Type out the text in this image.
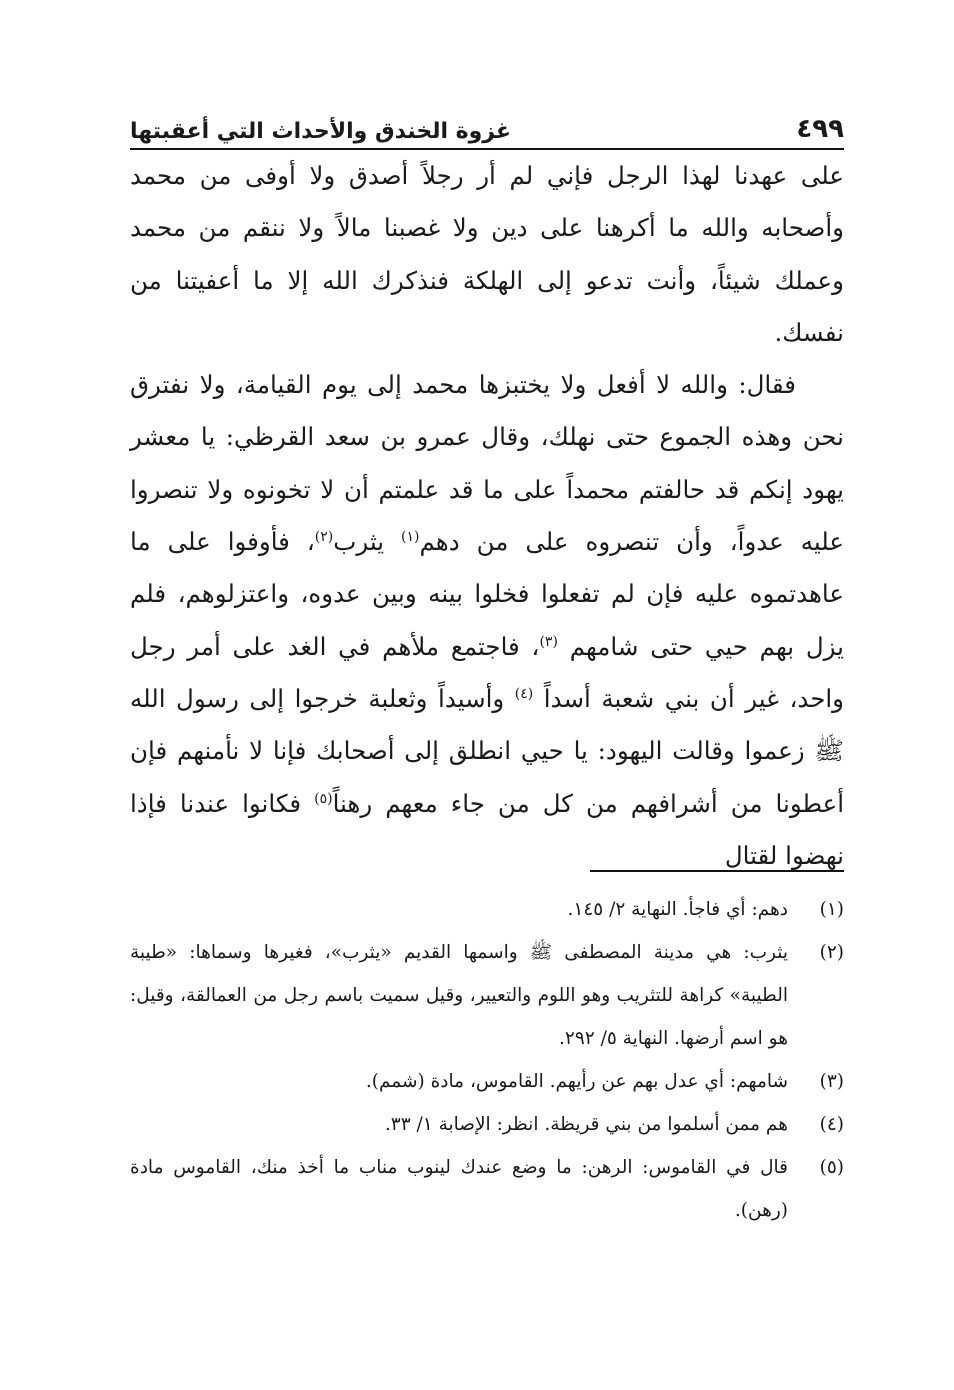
٤٩٩
غزوة الخندق والأحداث التي أعقبتها

على عهدنا لهذا الرجل فإني لم أر رجلاً أصدق ولا أوفى من محمد وأصحابه والله ما أكرهنا على دين ولا غصبنا مالاً ولا ننقم من محمد وعملك شيئاً، وأنت تدعو إلى الهلكة فنذكرك الله إلا ما أعفيتنا من نفسك.

فقال: والله لا أفعل ولا يختبزها محمد إلى يوم القيامة، ولا نفترق نحن وهذه الجموع حتى نهلك، وقال عمرو بن سعد القرظي: يا معشر يهود إنكم قد حالفتم محمداً على ما قد علمتم أن لا تخونوه ولا تنصروا عليه عدواً، وأن تنصروه على من دهم$^{(١)}$ يثرب$^{(٢)}$، فأوفوا على ما عاهدتموه عليه فإن لم تفعلوا فخلوا بينه وبين عدوه، واعتزلوهم، فلم يزل بهم حيي حتى شامهم $^{(٣)}$، فاجتمع ملأهم في الغد على أمر رجل واحد، غير أن بني شعبة أسداً $^{(٤)}$ وأسيداً وثعلبة خرجوا إلى رسول الله ﷺ زعموا وقالت اليهود: يا حيي انطلق إلى أصحابك فإنا لا نأمنهم فإن أعطونا من أشرافهم من كل من جاء معهم رهناً$^{(٥)}$ فكانوا عندنا فإذا نهضوا لقتال

(١)
دهم: أي فاجأ. النهاية ٢/ ١٤٥.
(٢)
يثرب: هي مدينة المصطفى ﷺ واسمها القديم «يثرب»، فغيرها وسماها: «طيبة الطيبة» كراهة للتثريب وهو اللوم والتعيير، وقيل سميت باسم رجل من العمالقة، وقيل: هو اسم أرضها. النهاية ٥/ ٢٩٢.
(٣)
شامهم: أي عدل بهم عن رأيهم. القاموس، مادة (شمم).
(٤)
هم ممن أسلموا من بني قريظة. انظر: الإصابة ١/ ٣٣.
(٥)
قال في القاموس: الرهن: ما وضع عندك لينوب مناب ما أخذ منك، القاموس مادة (رهن).
